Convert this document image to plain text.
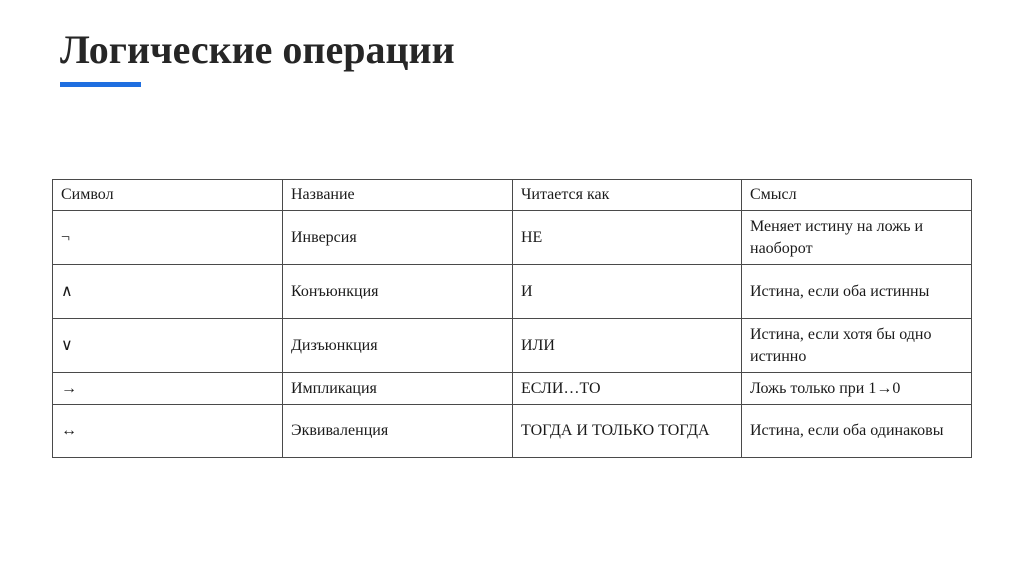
Логические операции
Символ	Название	Читается как	Смысл
¬	Инверсия	НЕ	Меняет истину на ложь и наоборот
∧	Конъюнкция	И	Истина, если оба истинны
∨	Дизъюнкция	ИЛИ	Истина, если хотя бы одно истинно
→	Импликация	ЕСЛИ…ТО	Ложь только при 1→0
↔	Эквиваленция	ТОГДА И ТОЛЬКО ТОГДА	Истина, если оба одинаковы
